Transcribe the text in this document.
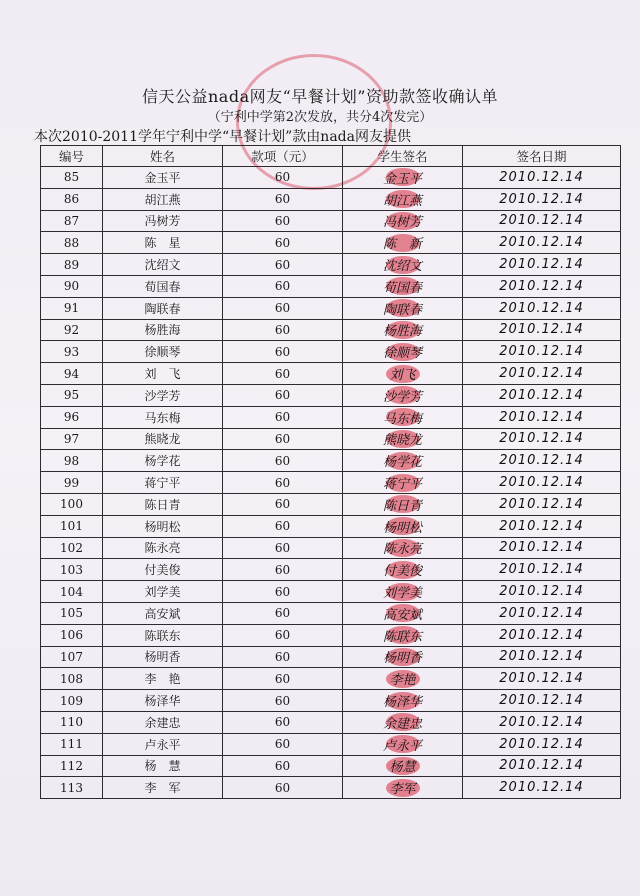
信天公益nada网友“早餐计划”资助款签收确认单
（宁利中学第2次发放，共分4次发完）
本次2010-2011学年宁利中学“早餐计划”款由nada网友提供
编号	姓名	款项（元）	学生签名	签名日期
85	金玉平	60	金玉平	2010.12.14
86	胡江燕	60	胡江燕	2010.12.14
87	冯树芳	60	冯树芳	2010.12.14
88	陈　星	60	陈　新	2010.12.14
89	沈绍文	60	沈绍文	2010.12.14
90	荀国春	60	荀国春	2010.12.14
91	陶联春	60	陶联春	2010.12.14
92	杨胜海	60	杨胜海	2010.12.14
93	徐顺琴	60	徐顺琴	2010.12.14
94	刘　飞	60	刘飞	2010.12.14
95	沙学芳	60	沙学芳	2010.12.14
96	马东梅	60	马东梅	2010.12.14
97	熊晓龙	60	熊晓龙	2010.12.14
98	杨学花	60	杨学花	2010.12.14
99	蒋宁平	60	蒋宁平	2010.12.14
100	陈日青	60	陈日青	2010.12.14
101	杨明松	60	杨明松	2010.12.14
102	陈永亮	60	陈永亮	2010.12.14
103	付美俊	60	付美俊	2010.12.14
104	刘学美	60	刘学美	2010.12.14
105	高安斌	60	高安斌	2010.12.14
106	陈联东	60	陈联东	2010.12.14
107	杨明香	60	杨明香	2010.12.14
108	李　艳	60	李艳	2010.12.14
109	杨泽华	60	杨泽华	2010.12.14
110	余建忠	60	余建忠	2010.12.14
111	卢永平	60	卢永平	2010.12.14
112	杨　慧	60	杨慧	2010.12.14
113	李　军	60	李军	2010.12.14
